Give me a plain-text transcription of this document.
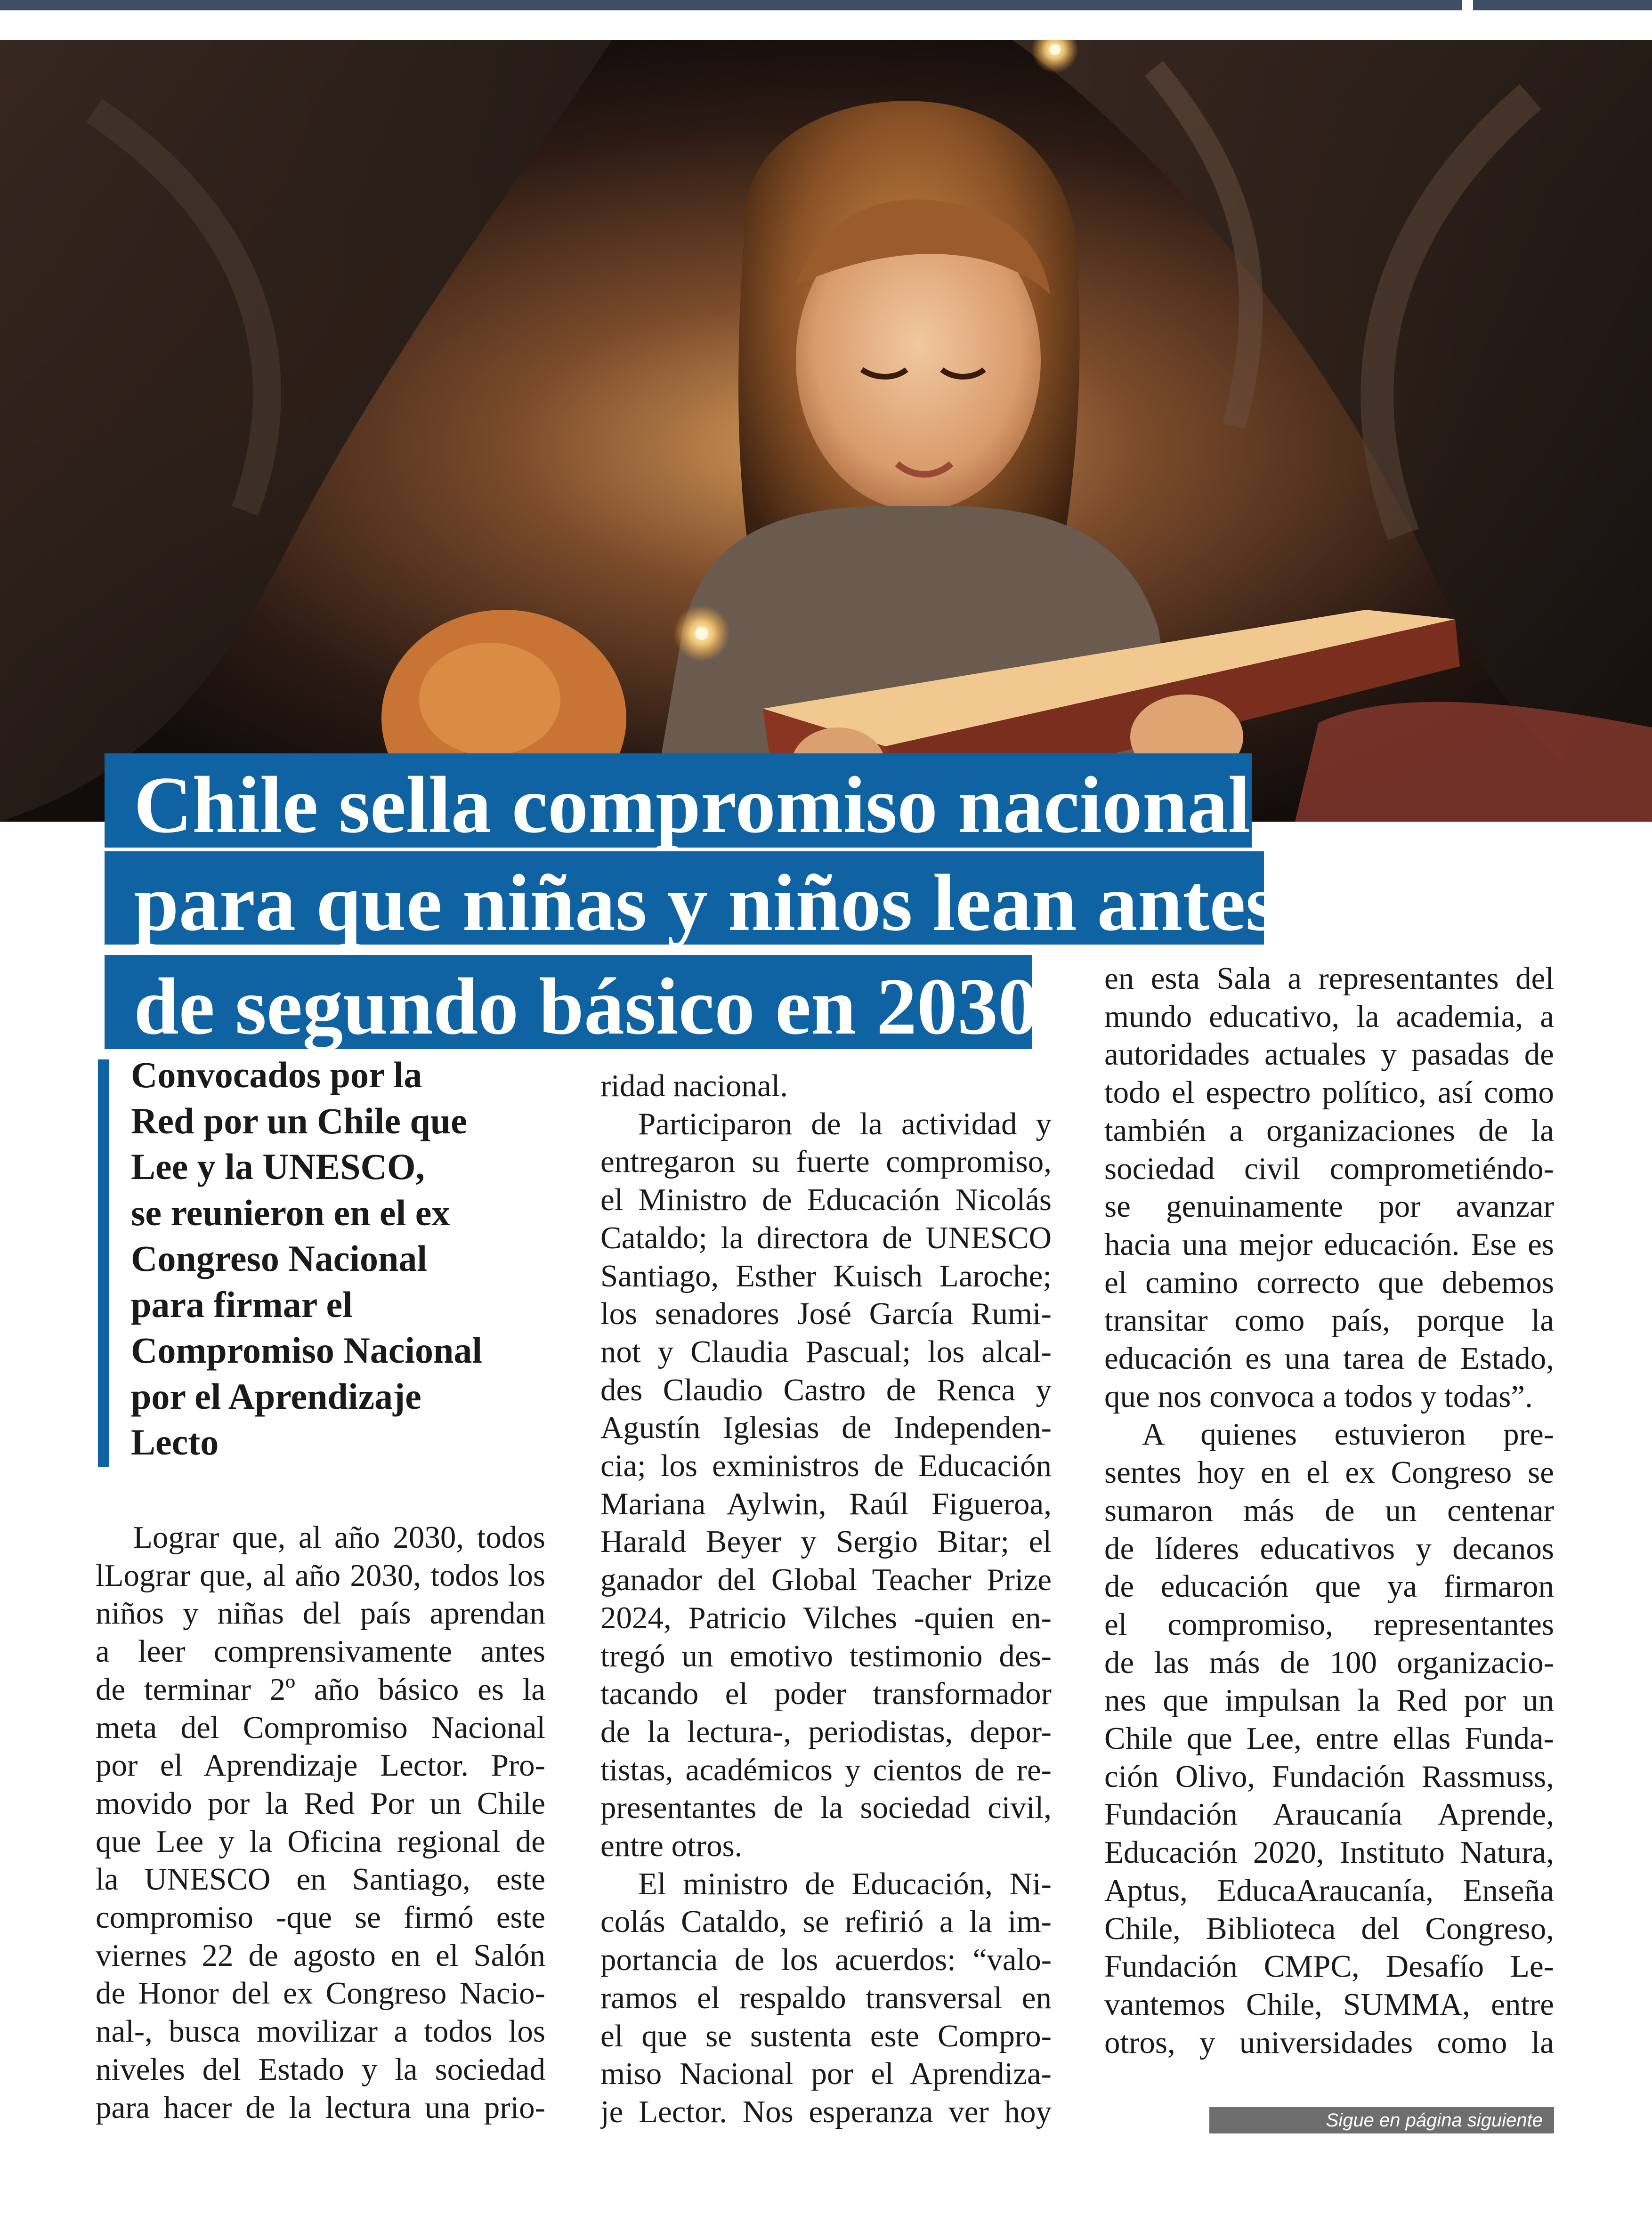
Chile sella compromiso nacional
para que niñas y niños lean antes
de segundo básico en 2030
Convocados por la
Red por un Chile que
Lee y la UNESCO,
se reunieron en el ex
Congreso Nacional
para firmar el
Compromiso Nacional
por el Aprendizaje
Lecto
Lograr que, al año 2030, todos
lLograr que, al año 2030, todos los
niños y niñas del país aprendan
a leer comprensivamente antes
de terminar 2º año básico es la
meta del Compromiso Nacional
por el Aprendizaje Lector. Pro-
movido por la Red Por un Chile
que Lee y la Oficina regional de
la UNESCO en Santiago, este
compromiso -que se firmó este
viernes 22 de agosto en el Salón
de Honor del ex Congreso Nacio-
nal-, busca movilizar a todos los
niveles del Estado y la sociedad
para hacer de la lectura una prio-
ridad nacional.
Participaron de la actividad y
entregaron su fuerte compromiso,
el Ministro de Educación Nicolás
Cataldo; la directora de UNESCO
Santiago, Esther Kuisch Laroche;
los senadores José García Rumi-
not y Claudia Pascual; los alcal-
des Claudio Castro de Renca y
Agustín Iglesias de Independen-
cia; los exministros de Educación
Mariana Aylwin, Raúl Figueroa,
Harald Beyer y Sergio Bitar; el
ganador del Global Teacher Prize
2024, Patricio Vilches -quien en-
tregó un emotivo testimonio des-
tacando el poder transformador
de la lectura-, periodistas, depor-
tistas, académicos y cientos de re-
presentantes de la sociedad civil,
entre otros.
El ministro de Educación, Ni-
colás Cataldo, se refirió a la im-
portancia de los acuerdos: “valo-
ramos el respaldo transversal en
el que se sustenta este Compro-
miso Nacional por el Aprendiza-
je Lector. Nos esperanza ver hoy
en esta Sala a representantes del
mundo educativo, la academia, a
autoridades actuales y pasadas de
todo el espectro político, así como
también a organizaciones de la
sociedad civil comprometiéndo-
se genuinamente por avanzar
hacia una mejor educación. Ese es
el camino correcto que debemos
transitar como país, porque la
educación es una tarea de Estado,
que nos convoca a todos y todas”.
A quienes estuvieron pre-
sentes hoy en el ex Congreso se
sumaron más de un centenar
de líderes educativos y decanos
de educación que ya firmaron
el compromiso, representantes
de las más de 100 organizacio-
nes que impulsan la Red por un
Chile que Lee, entre ellas Funda-
ción Olivo, Fundación Rassmuss,
Fundación Araucanía Aprende,
Educación 2020, Instituto Natura,
Aptus, EducaAraucanía, Enseña
Chile, Biblioteca del Congreso,
Fundación CMPC, Desafío Le-
vantemos Chile, SUMMA, entre
otros, y universidades como la
Sigue en página siguiente
